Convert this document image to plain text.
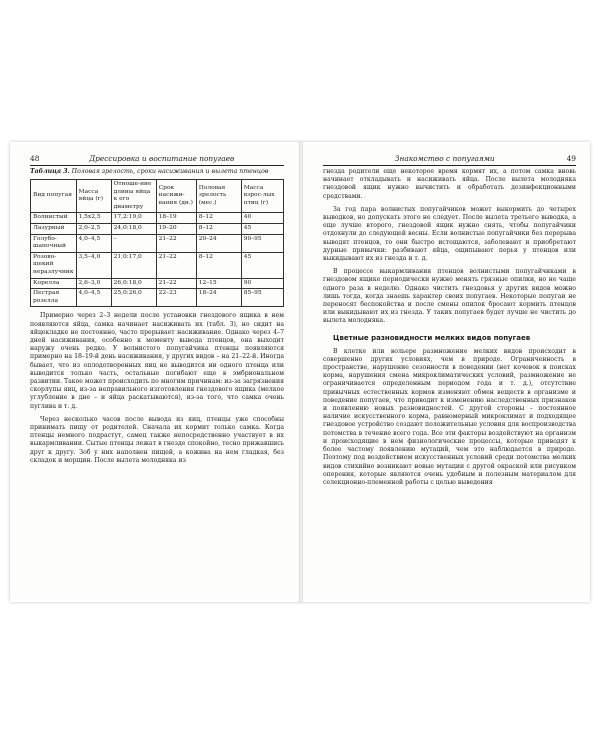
48	Дрессировка и воспитание попугаев
Таблица 3. Половая зрелость, сроки насиживания и вылета птенцов
Вид попугая	Масса яйца (г)	Отноше-ние длины яйца к его диаметру	Срок насижи-вания (дн.)	Половая зрелость (мес.)	Масса взрос-лых птиц (г)
Волнистый	1,5х2,5	17,2:19,0	18–19	8–12	40
Лазурный	2,0–2,5	24,0:18,0	19–20	8–12	45
Голубо-шапочный	4,0–4,5	–	21–22	20–24	90–95
Розово-щекий неразлучник	3,5–4,0	21,0:17,0	21–22	8–12	45
Корелла	2,6–3,0	26,0:18,0	21–22	12–15	90
Пестрая розелла	4,0–4,5	25,0:26,0	22–23	18–24	85–95

Примерно через 2–3 недели после установки гнездового ящика в нем появляются яйца, самка начинает насиживать их (табл. 3), но сидит на яйцекладке не постоянно, часто прерывает насиживание. Однако через 4–7 дней насиживания, особенно к моменту вывода птенцов, она выходит наружу очень редко. У волнистого попугайчика птенцы появляются примерно на 18–19-й день насиживания, у других видов – на 21–22-й. Иногда бывает, что из оплодотворенных яиц не выводится ни одного птенца или выводится только часть, остальные погибают еще в эмбриональном развитии. Такое может происходить по многим причинам: из-за загрязнения скорлупы яиц, из-за неправильного изготовления гнездового ящика (мелкое углубление в дне – и яйца раскатываются), из-за того, что самка очень пуглива и т. д.

Через несколько часов после вывода из яиц, птенцы уже способны принимать пищу от родителей. Сначала их кормит только самка. Когда птенцы немного подрастут, самец также непосредственно участвует в их выкармливании. Сытые птенцы лежат в гнезде спокойно, тесно прижавшись друг к другу. Зоб у них наполнен пищей, а кожина на нем гладкая, без складок и морщин. После вылета молодняка из

Знакомство с попугаями	49

гнезда родители еще некоторое время кормят их, а потом самка вновь начинает откладывать и насиживать яйца. После вылета молодняка гнездовой ящик нужно вычистить и обработать дезинфекционными средствами.

За год пара волнистых попугайчиков может выкормить до четырех выводков, но допускать этого не следует. После вылета третьего выводка, а еще лучше второго, гнездовой ящик нужно снять, чтобы попугайчики отдохнули до следующей весны. Если волнистые попугайчики без перерыва выводят птенцов, то они быстро истощаются, заболевают и приобретают дурные привычки: разбивают яйца, ощипывают перья у птенцов или выкидывают их из гнезда и т. д.

В процессе выкармливания птенцов волнистыми попугайчиками в гнездовом ящике периодически нужно менять грязные опилки, но не чаще одного раза в неделю. Однако чистить гнездовья у других видов можно лишь тогда, когда знаешь характер своих попугаев. Некоторые попугаи не переносят беспокойства и после смены опилок бросают кормить птенцов или выкидывают их из гнезда. У таких попугаев будет лучше не чистить до вылета молодняка.

Цветные разновидности мелких видов попугаев

В клетке или вольере размножение мелких видов происходит в совершенно других условиях, чем в природе. Ограниченность в пространстве, нарушение сезонности в поведении (нет кочевок в поисках корма, нарушения смена микроклиматических условий, размножение не ограничивается определенным периодом года и т. д.), отсутствие привычных естественных кормов изменяют обмен веществ в организме и поведение попугаев, что приводит к изменению наследственных признаков и появлению новых разновидностей. С другой стороны – постоянное наличие искусственного корма, равномерный микроклимат и подходящее гнездовое устройство создают положительные условия для воспроизводства потомства в течение всего года. Все эти факторы воздействуют на организм и происходящие в нем физиологические процессы, которые приводят к более частому появлению мутаций, чем это наблюдается в природе. Поэтому под воздействием искусственных условий среди потомства мелких видов стихийно возникают новые мутации с другой окраской или рисунком оперения, которые являются очень удобным и полезным материалом для селекционно-племенной работы с целью выведения
